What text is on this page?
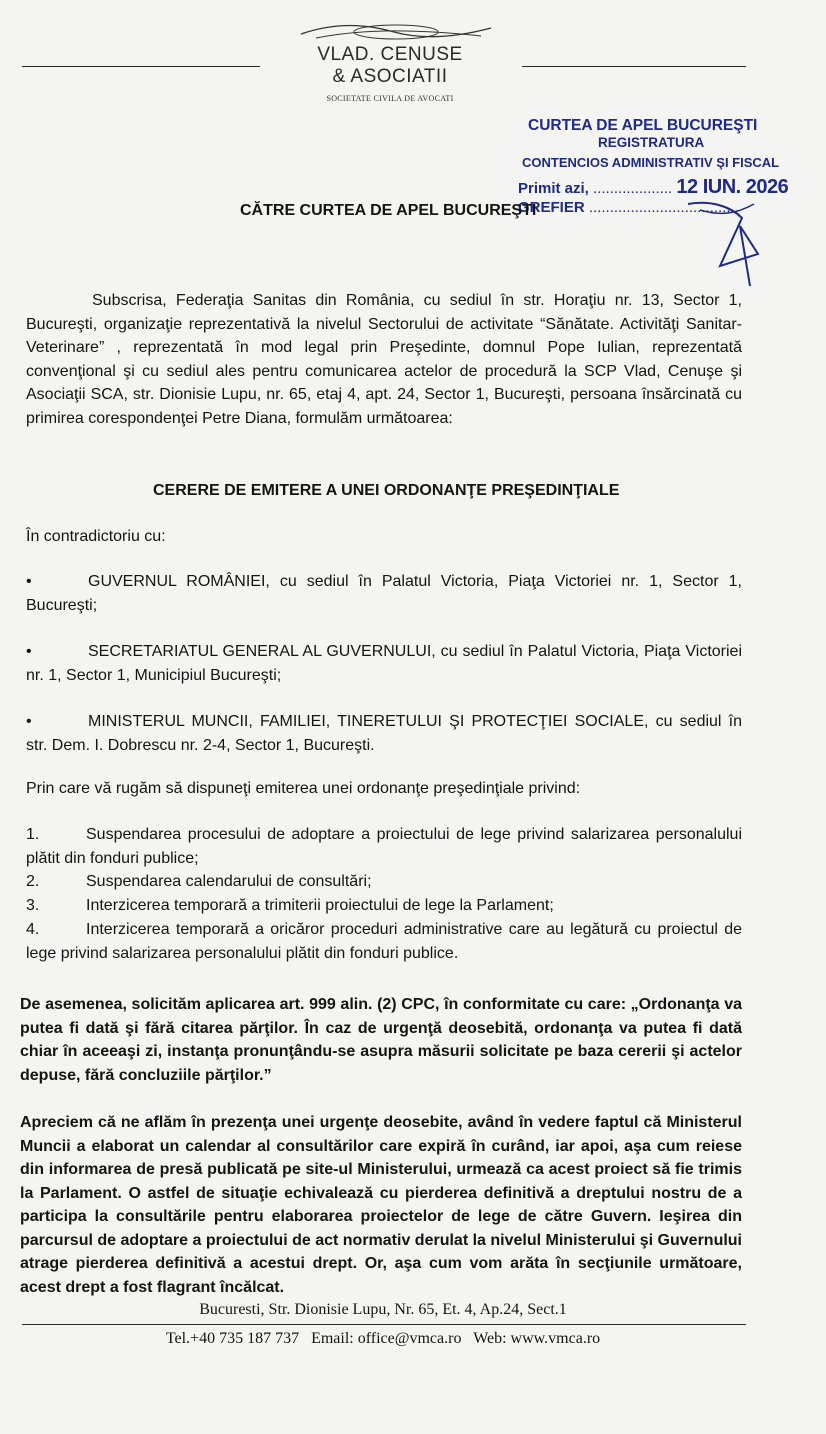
VLAD. CENUSE
& ASOCIATII
SOCIETATE CIVILA DE AVOCATI
CURTEA DE APEL BUCUREŞTI
REGISTRATURA
CONTENCIOS ADMINISTRATIV ŞI FISCAL
Primit azi, ................... 12 IUN. 2026
GREFIER ....................................
CĂTRE CURTEA DE APEL BUCUREŞTI
Subscrisa, Federaţia Sanitas din România, cu sediul în str. Horaţiu nr. 13, Sector 1, Bucureşti, organizaţie reprezentativă la nivelul Sectorului de activitate “Sănătate. Activităţi Sanitar-Veterinare” , reprezentată în mod legal prin Preşedinte, domnul Pope Iulian, reprezentată convenţional şi cu sediul ales pentru comunicarea actelor de procedură la SCP Vlad, Cenuşe şi Asociaţii SCA, str. Dionisie Lupu, nr. 65, etaj 4, apt. 24, Sector 1, Bucureşti, persoana însărcinată cu primirea corespondenţei Petre Diana, formulăm următoarea:
CERERE DE EMITERE A UNEI ORDONANŢE PREŞEDINŢIALE
În contradictoriu cu:
•	GUVERNUL ROMÂNIEI, cu sediul în Palatul Victoria, Piaţa Victoriei nr. 1, Sector 1, Bucureşti;
•	SECRETARIATUL GENERAL AL GUVERNULUI, cu sediul în Palatul Victoria, Piaţa Victoriei nr. 1, Sector 1, Municipiul Bucureşti;
•	MINISTERUL MUNCII, FAMILIEI, TINERETULUI ŞI PROTECŢIEI SOCIALE, cu sediul în str. Dem. I. Dobrescu nr. 2-4, Sector 1, Bucureşti.
Prin care vă rugăm să dispuneţi emiterea unei ordonanţe preşedinţiale privind:
1.	Suspendarea procesului de adoptare a proiectului de lege privind salarizarea personalului plătit din fonduri publice;
2.	Suspendarea calendarului de consultări;
3.	Interzicerea temporară a trimiterii proiectului de lege la Parlament;
4.	Interzicerea temporară a oricăror proceduri administrative care au legătură cu proiectul de lege privind salarizarea personalului plătit din fonduri publice.
De asemenea, solicităm aplicarea art. 999 alin. (2) CPC, în conformitate cu care: „Ordonanţa va putea fi dată şi fără citarea părţilor. În caz de urgenţă deosebită, ordonanţa va putea fi dată chiar în aceeaşi zi, instanţa pronunţându-se asupra măsurii solicitate pe baza cererii şi actelor depuse, fără concluziile părţilor.”
Apreciem că ne aflăm în prezenţa unei urgenţe deosebite, având în vedere faptul că Ministerul Muncii a elaborat un calendar al consultărilor care expiră în curând, iar apoi, aşa cum reiese din informarea de presă publicată pe site-ul Ministerului, urmează ca acest proiect să fie trimis la Parlament. O astfel de situaţie echivalează cu pierderea definitivă a dreptului nostru de a participa la consultările pentru elaborarea proiectelor de lege de către Guvern. Ieşirea din parcursul de adoptare a proiectului de act normativ derulat la nivelul Ministerului şi Guvernului atrage pierderea definitivă a acestui drept. Or, aşa cum vom arăta în secţiunile următoare, acest drept a fost flagrant încălcat.
Bucuresti, Str. Dionisie Lupu, Nr. 65, Et. 4, Ap.24, Sect.1
Tel.+40 735 187 737 Email: office@vmca.ro Web: www.vmca.ro
